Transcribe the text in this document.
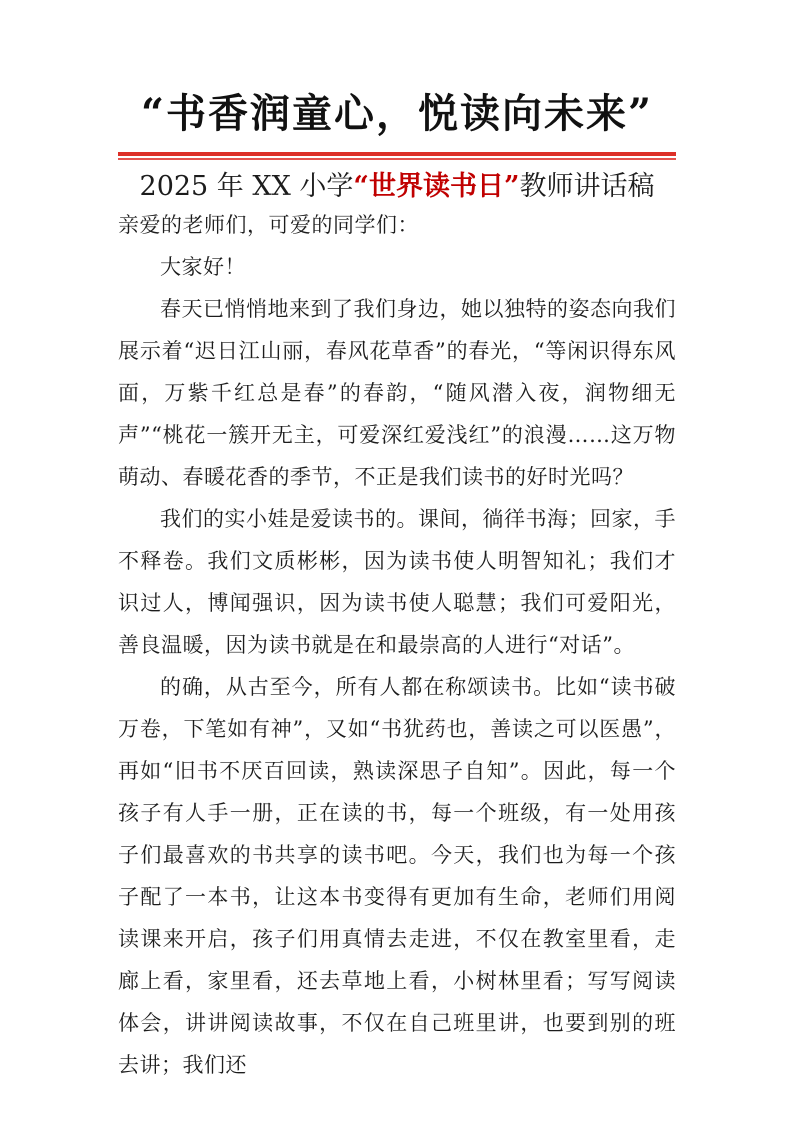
“书香润童心，悦读向未来”
2025 年 XX 小学“世界读书日”教师讲话稿

亲爱的老师们，可爱的同学们：

大家好！

春天已悄悄地来到了我们身边，她以独特的姿态向我们展示着“迟日江山丽，春风花草香”的春光，“等闲识得东风面，万紫千红总是春”的春韵，“随风潜入夜，润物细无声”“桃花一簇开无主，可爱深红爱浅红”的浪漫……这万物萌动、春暖花香的季节，不正是我们读书的好时光吗？

我们的实小娃是爱读书的。课间，徜徉书海；回家，手不释卷。我们文质彬彬，因为读书使人明智知礼；我们才识过人，博闻强识，因为读书使人聪慧；我们可爱阳光，善良温暖，因为读书就是在和最崇高的人进行“对话”。

的确，从古至今，所有人都在称颂读书。比如“读书破万卷，下笔如有神”，又如“书犹药也，善读之可以医愚”，再如“旧书不厌百回读，熟读深思子自知”。因此，每一个孩子有人手一册，正在读的书，每一个班级，有一处用孩子们最喜欢的书共享的读书吧。今天，我们也为每一个孩子配了一本书，让这本书变得有更加有生命，老师们用阅读课来开启，孩子们用真情去走进，不仅在教室里看，走廊上看，家里看，还去草地上看，小树林里看；写写阅读体会，讲讲阅读故事，不仅在自己班里讲，也要到别的班去讲；我们还
